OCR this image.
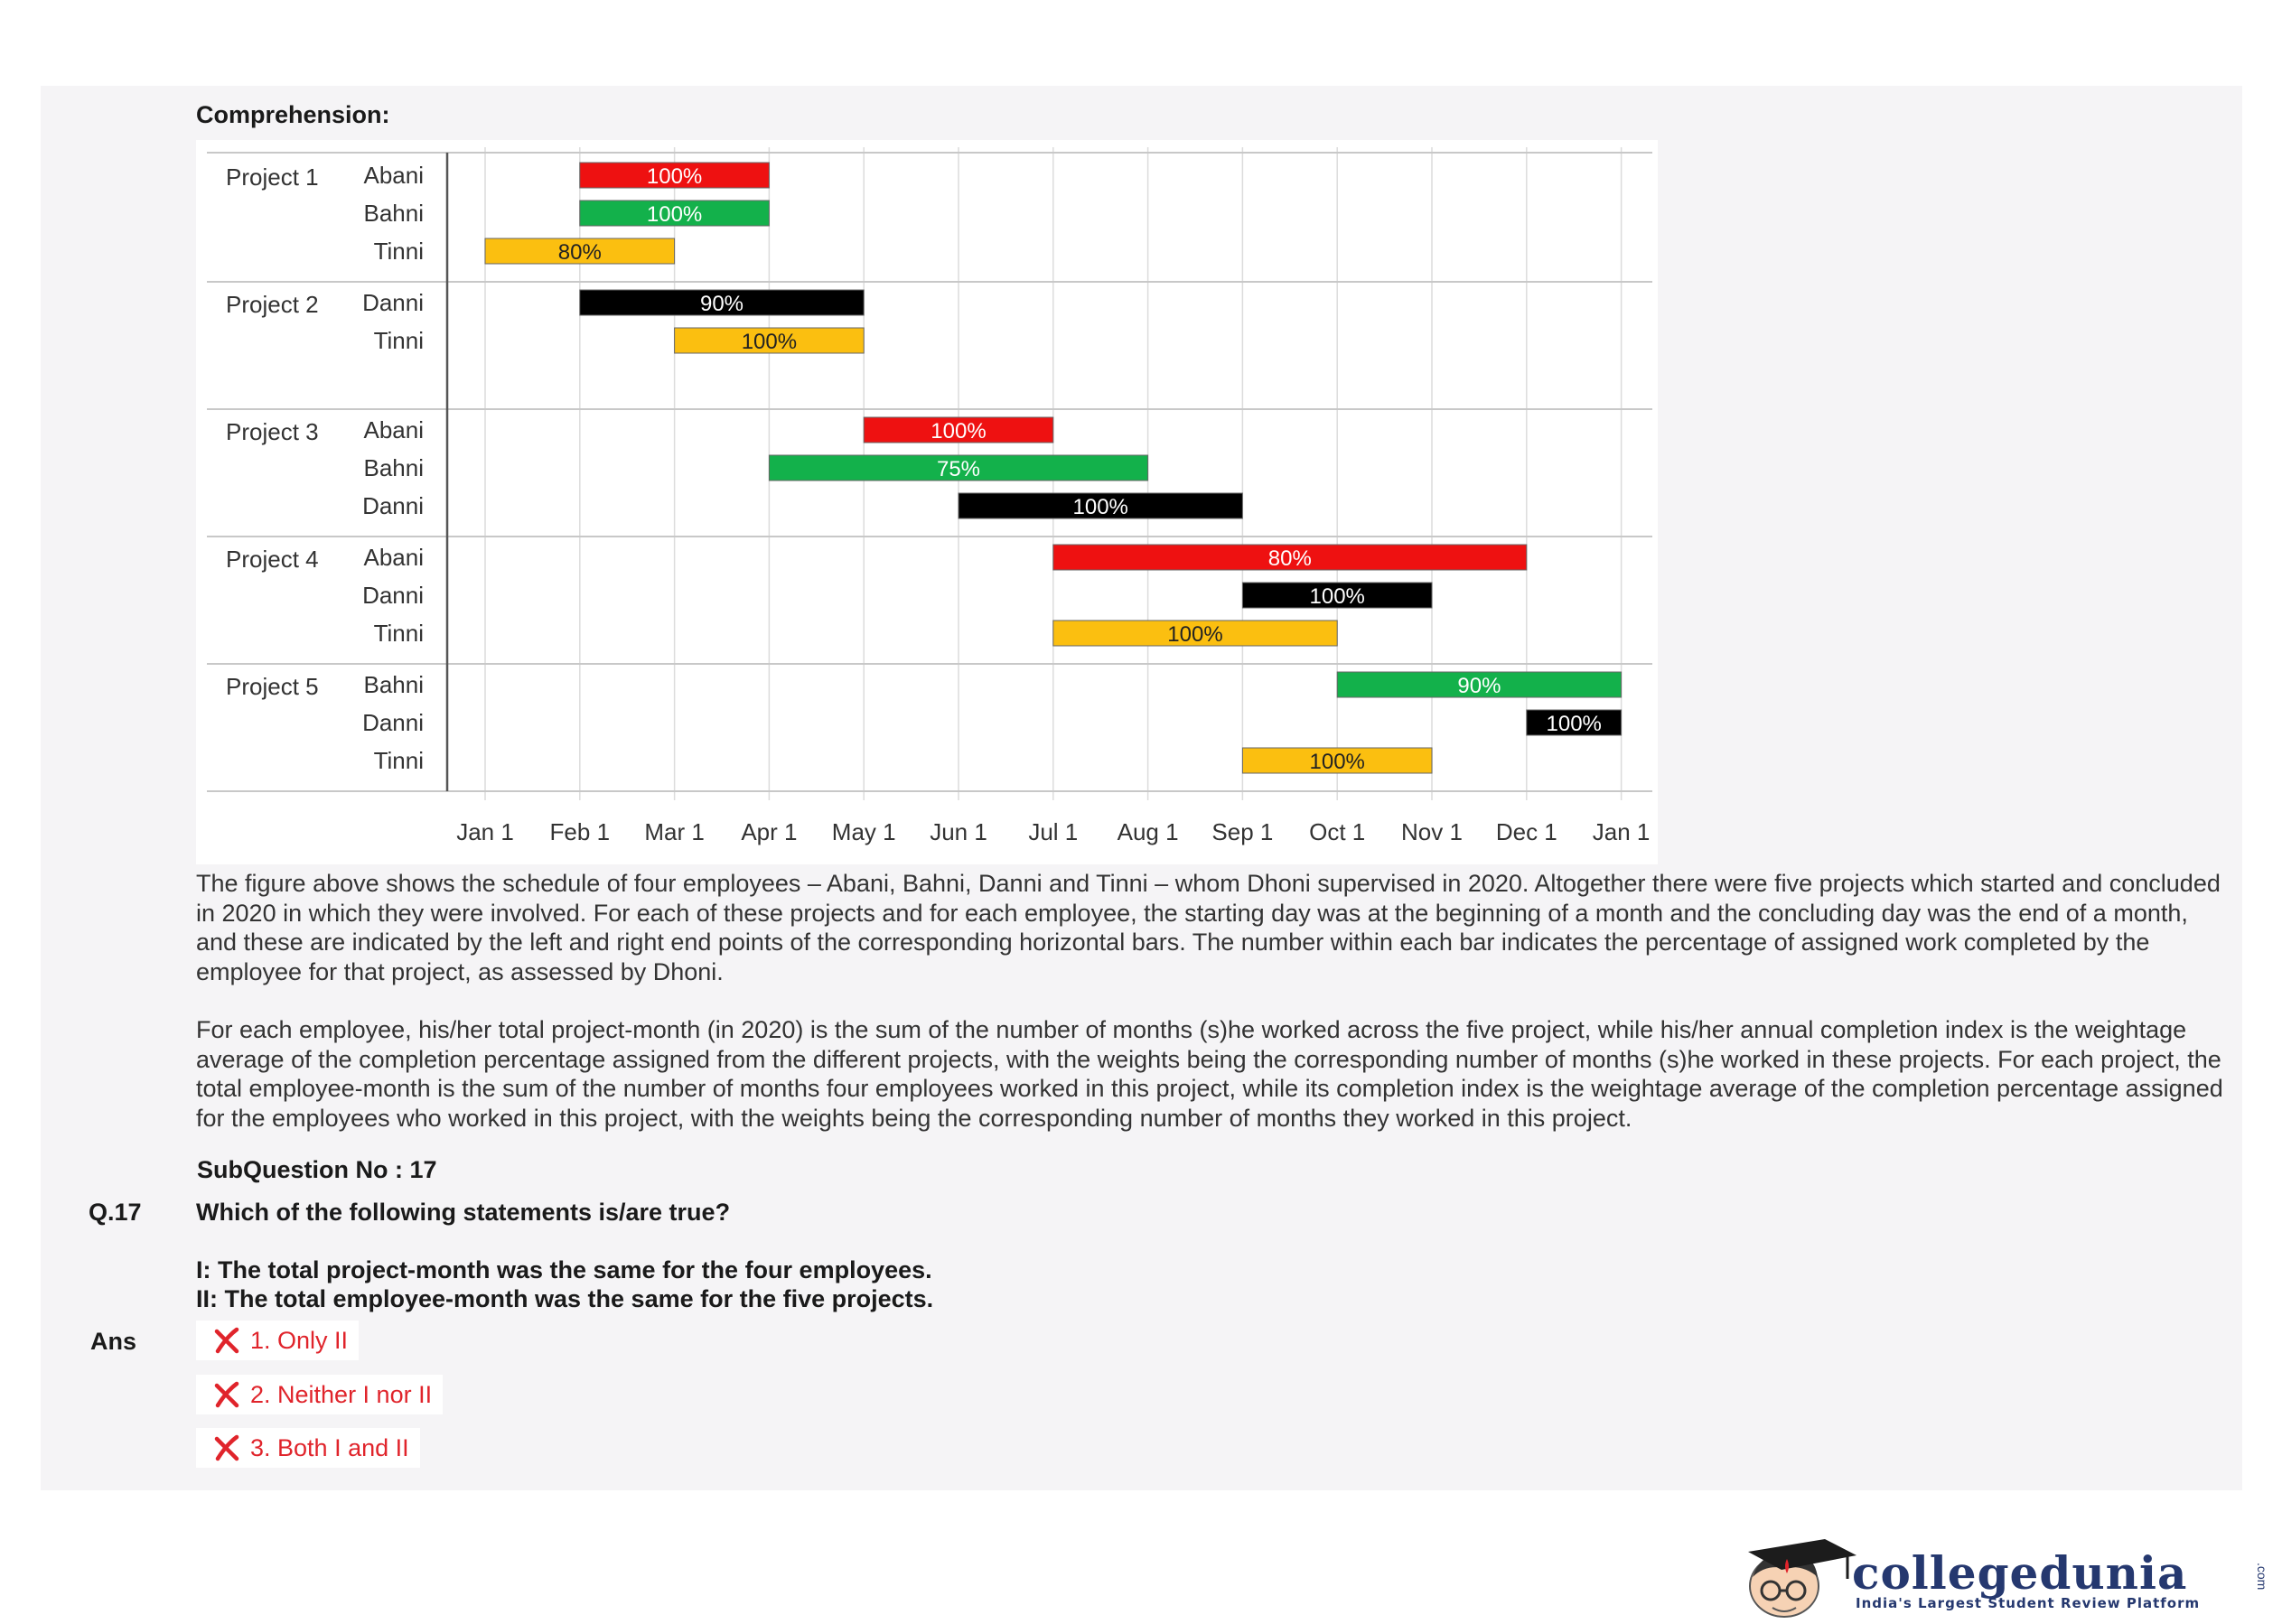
Comprehension:
Project 1 Abani	100%
Bahni	100%
Tinni	80%
Project 2 Danni	90%
Tinni	100%
Project 3 Abani	100%
Bahni	75%
Danni	100%
Project 4 Abani	80%
Danni	100%
Tinni	100%
Project 5 Bahni	90%
Danni	100%
Tinni	100%
Jan 1 Feb 1 Mar 1 Apr 1 May 1 Jun 1 Jul 1 Aug 1 Sep 1 Oct 1 Nov 1 Dec 1 Jan 1

The figure above shows the schedule of four employees – Abani, Bahni, Danni and Tinni – whom Dhoni supervised in 2020. Altogether there were five projects which started and concluded in 2020 in which they were involved. For each of these projects and for each employee, the starting day was at the beginning of a month and the concluding day was the end of a month, and these are indicated by the left and right end points of the corresponding horizontal bars. The number within each bar indicates the percentage of assigned work completed by the employee for that project, as assessed by Dhoni.

For each employee, his/her total project-month (in 2020) is the sum of the number of months (s)he worked across the five project, while his/her annual completion index is the weightage average of the completion percentage assigned from the different projects, with the weights being the corresponding number of months (s)he worked in these projects. For each project, the total employee-month is the sum of the number of months four employees worked in this project, while its completion index is the weightage average of the completion percentage assigned for the employees who worked in this project, with the weights being the corresponding number of months they worked in this project.

SubQuestion No : 17
Q.17 Which of the following statements is/are true?
I: The total project-month was the same for the four employees.
II: The total employee-month was the same for the five projects.
Ans	1. Only II
2. Neither I nor II
3. Both I and II
collegedunia	.com
India's Largest Student Review Platform
